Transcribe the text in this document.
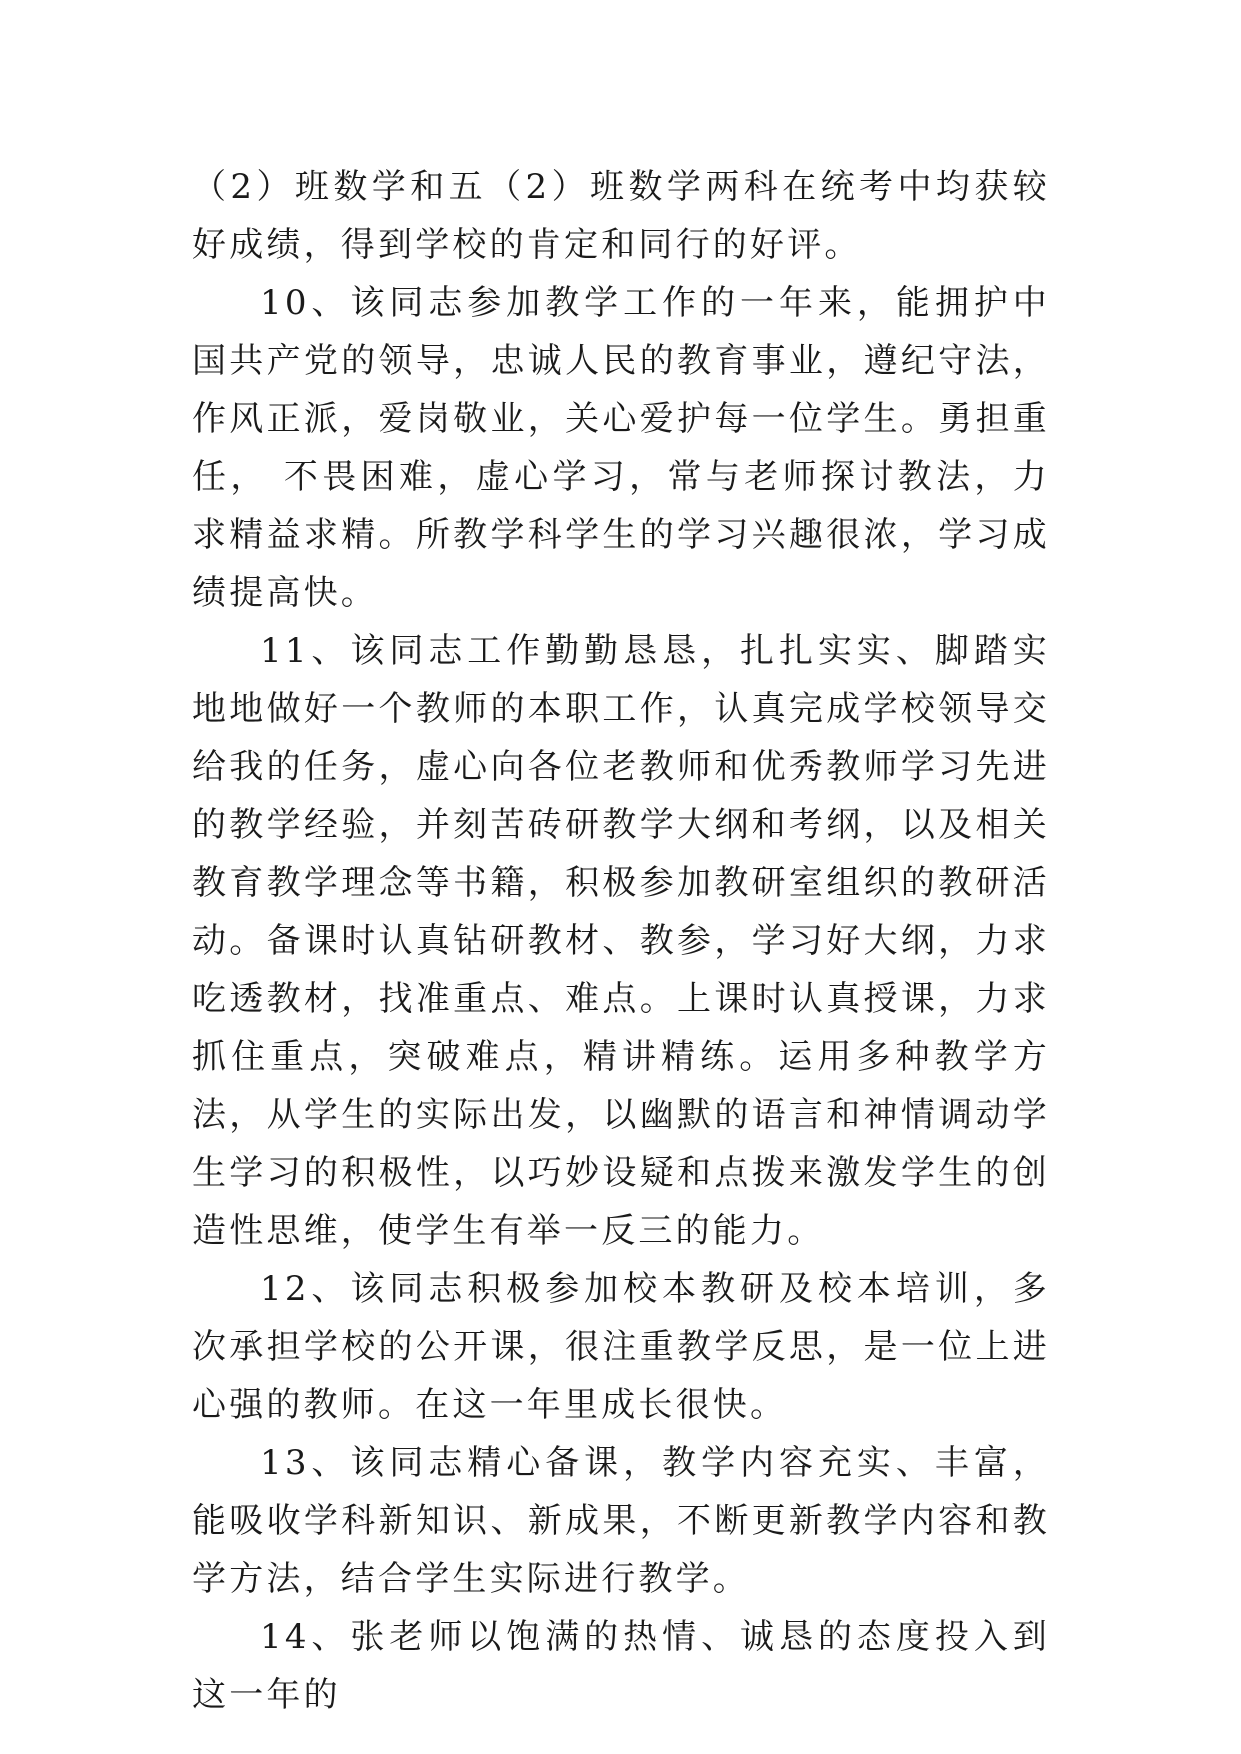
（2）班数学和五（2）班数学两科在统考中均获较好成绩，得到学校的肯定和同行的好评。

10、该同志参加教学工作的一年来，能拥护中国共产党的领导，忠诚人民的教育事业，遵纪守法，作风正派，爱岗敬业，关心爱护每一位学生。勇担重任， 不畏困难，虚心学习，常与老师探讨教法，力求精益求精。所教学科学生的学习兴趣很浓，学习成绩提高快。

11、该同志工作勤勤恳恳，扎扎实实、脚踏实地地做好一个教师的本职工作，认真完成学校领导交给我的任务，虚心向各位老教师和优秀教师学习先进的教学经验，并刻苦砖研教学大纲和考纲，以及相关教育教学理念等书籍，积极参加教研室组织的教研活动。备课时认真钻研教材、教参，学习好大纲，力求吃透教材，找准重点、难点。上课时认真授课，力求抓住重点，突破难点，精讲精练。运用多种教学方法，从学生的实际出发，以幽默的语言和神情调动学生学习的积极性，以巧妙设疑和点拨来激发学生的创造性思维，使学生有举一反三的能力。

12、该同志积极参加校本教研及校本培训，多次承担学校的公开课，很注重教学反思，是一位上进心强的教师。在这一年里成长很快。

13、该同志精心备课，教学内容充实、丰富，能吸收学科新知识、新成果，不断更新教学内容和教学方法，结合学生实际进行教学。

14、张老师以饱满的热情、诚恳的态度投入到这一年的
